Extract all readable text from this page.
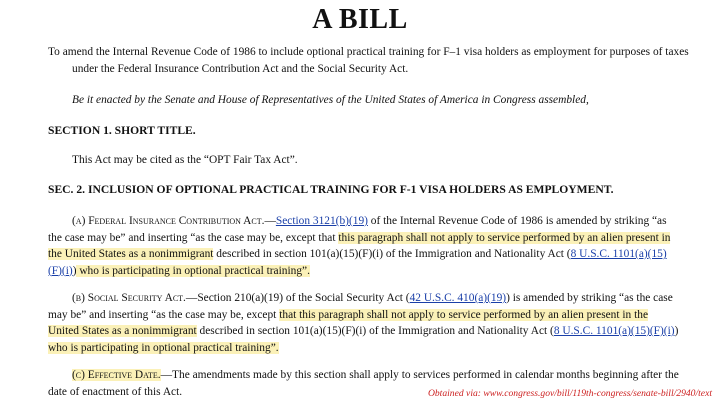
A BILL
To amend the Internal Revenue Code of 1986 to include optional practical training for F–1 visa holders as employment for purposes of taxes under the Federal Insurance Contribution Act and the Social Security Act.
Be it enacted by the Senate and House of Representatives of the United States of America in Congress assembled,
SECTION 1. SHORT TITLE.
This Act may be cited as the “OPT Fair Tax Act”.
SEC. 2. INCLUSION OF OPTIONAL PRACTICAL TRAINING FOR F-1 VISA HOLDERS AS EMPLOYMENT.
(a) Federal Insurance Contribution Act.—Section 3121(b)(19) of the Internal Revenue Code of 1986 is amended by striking “as the case may be” and inserting “as the case may be, except that this paragraph shall not apply to service performed by an alien present in the United States as a nonimmigrant described in section 101(a)(15)(F)(i) of the Immigration and Nationality Act (8 U.S.C. 1101(a)(15)(F)(i)) who is participating in optional practical training”.
(b) Social Security Act.—Section 210(a)(19) of the Social Security Act (42 U.S.C. 410(a)(19)) is amended by striking “as the case may be” and inserting “as the case may be, except that this paragraph shall not apply to service performed by an alien present in the United States as a nonimmigrant described in section 101(a)(15)(F)(i) of the Immigration and Nationality Act (8 U.S.C. 1101(a)(15)(F)(i)) who is participating in optional practical training”.
(c) Effective Date.—The amendments made by this section shall apply to services performed in calendar months beginning after the date of enactment of this Act.	Obtained via: www.congress.gov/bill/119th-congress/senate-bill/2940/text
